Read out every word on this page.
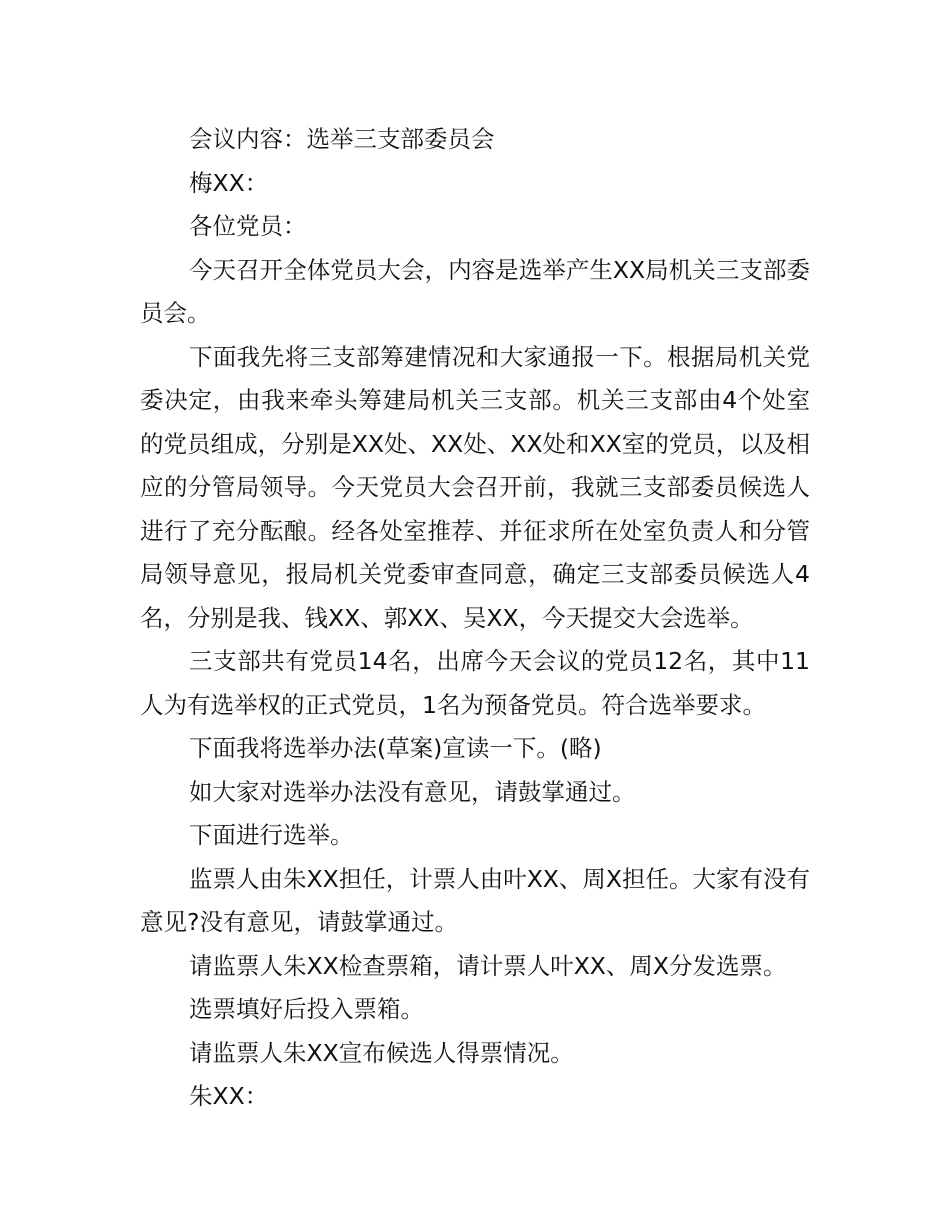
会议内容：选举三支部委员会

梅XX：

各位党员：

今天召开全体党员大会，内容是选举产生XX局机关三支部委员会。

下面我先将三支部筹建情况和大家通报一下。根据局机关党委决定，由我来牵头筹建局机关三支部。机关三支部由4个处室的党员组成，分别是XX处、XX处、XX处和XX室的党员，以及相应的分管局领导。今天党员大会召开前，我就三支部委员候选人进行了充分酝酿。经各处室推荐、并征求所在处室负责人和分管局领导意见，报局机关党委审查同意，确定三支部委员候选人4名，分别是我、钱XX、郭XX、吴XX，今天提交大会选举。

三支部共有党员14名，出席今天会议的党员12名，其中11人为有选举权的正式党员，1名为预备党员。符合选举要求。

下面我将选举办法(草案)宣读一下。(略)

如大家对选举办法没有意见，请鼓掌通过。

下面进行选举。

监票人由朱XX担任，计票人由叶XX、周X担任。大家有没有意见?没有意见，请鼓掌通过。

请监票人朱XX检查票箱，请计票人叶XX、周X分发选票。

选票填好后投入票箱。

请监票人朱XX宣布候选人得票情况。

朱XX：
